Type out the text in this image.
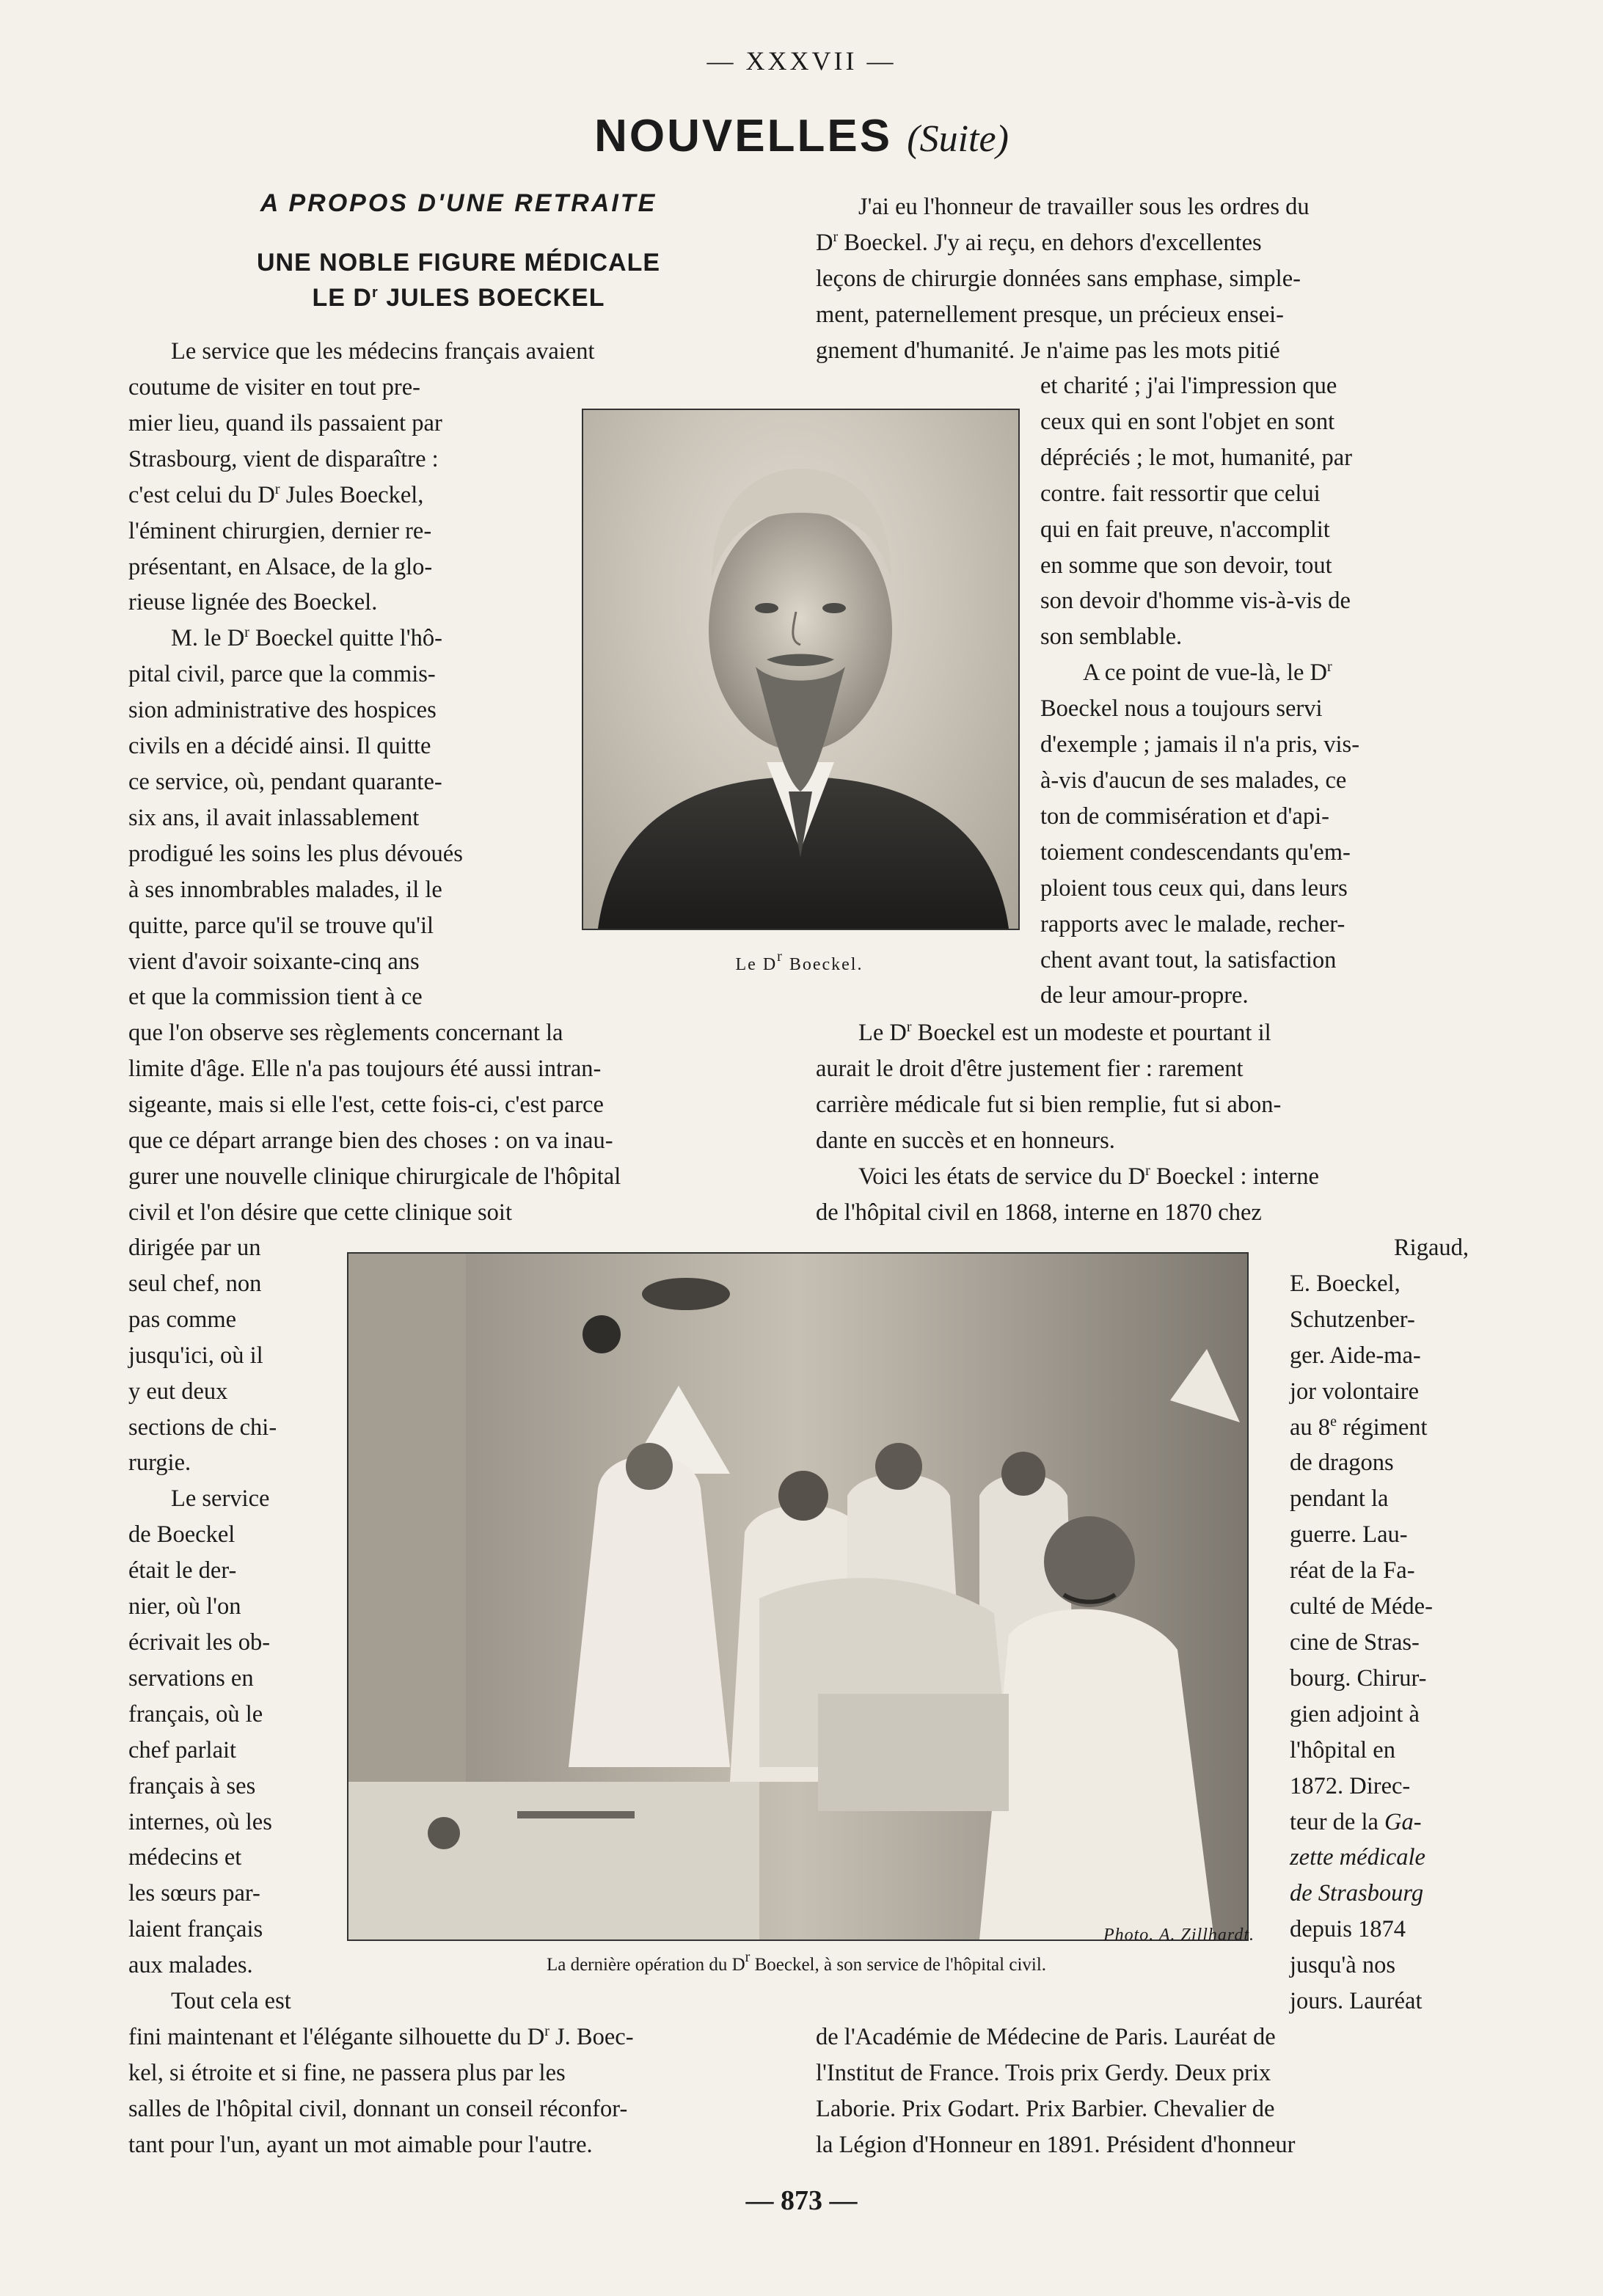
— XXXVII —
NOUVELLES (Suite)
A PROPOS D'UNE RETRAITE
UNE NOBLE FIGURE MÉDICALE
LE $D^r$ JULES BOECKEL

Le service que les médecins français avaient

coutume de visiter en tout pre-

mier lieu, quand ils passaient par

Strasbourg, vient de disparaître :

c'est celui du $D^r$ Jules Boeckel,

l'éminent chirurgien, dernier re-

présentant, en Alsace, de la glo-

rieuse lignée des Boeckel.

M. le $D^r$ Boeckel quitte l'hô-

pital civil, parce que la commis-

sion administrative des hospices

civils en a décidé ainsi. Il quitte

ce service, où, pendant quarante-

six ans, il avait inlassablement

prodigué les soins les plus dévoués

à ses innombrables malades, il le

quitte, parce qu'il se trouve qu'il

vient d'avoir soixante-cinq ans

et que la commission tient à ce

que l'on observe ses règlements concernant la

limite d'âge. Elle n'a pas toujours été aussi intran-

sigeante, mais si elle l'est, cette fois-ci, c'est parce

que ce départ arrange bien des choses : on va inau-

gurer une nouvelle clinique chirurgicale de l'hôpital

civil et l'on désire que cette clinique soit

dirigée par un

seul chef, non

pas comme

jusqu'ici, où il

y eut deux

sections de chi-

rurgie.

Le service

de Boeckel

était le der-

nier, où l'on

écrivait les ob-

servations en

français, où le

chef parlait

français à ses

internes, où les

médecins et

les sœurs par-

laient français

aux malades.

Tout cela est

fini maintenant et l'élégante silhouette du $D^r$ J. Boec-

kel, si étroite et si fine, ne passera plus par les

salles de l'hôpital civil, donnant un conseil réconfor-

tant pour l'un, ayant un mot aimable pour l'autre.

J'ai eu l'honneur de travailler sous les ordres du

$D^r$ Boeckel. J'y ai reçu, en dehors d'excellentes

leçons de chirurgie données sans emphase, simple-

ment, paternellement presque, un précieux ensei-

gnement d'humanité. Je n'aime pas les mots pitié

et charité ; j'ai l'impression que

ceux qui en sont l'objet en sont

dépréciés ; le mot, humanité, par

contre. fait ressortir que celui

qui en fait preuve, n'accomplit

en somme que son devoir, tout

son devoir d'homme vis-à-vis de

son semblable.

A ce point de vue-là, le $D^r$

Boeckel nous a toujours servi

d'exemple ; jamais il n'a pris, vis-

à-vis d'aucun de ses malades, ce

ton de commisération et d'api-

toiement condescendants qu'em-

ploient tous ceux qui, dans leurs

rapports avec le malade, recher-

chent avant tout, la satisfaction

de leur amour-propre.

Le $D^r$ Boeckel est un modeste et pourtant il

aurait le droit d'être justement fier : rarement

carrière médicale fut si bien remplie, fut si abon-

dante en succès et en honneurs.

Voici les états de service du $D^r$ Boeckel : interne

de l'hôpital civil en 1868, interne en 1870 chez

Rigaud,

E. Boeckel,

Schutzenber-

ger. Aide-ma-

jor volontaire

au 8e régiment

de dragons

pendant la

guerre. Lau-

réat de la Fa-

culté de Méde-

cine de Stras-

bourg. Chirur-

gien adjoint à

l'hôpital en

1872. Direc-

teur de la Ga-

zette médicale

de Strasbourg

depuis 1874

jusqu'à nos

jours. Lauréat

de l'Académie de Médecine de Paris. Lauréat de

l'Institut de France. Trois prix Gerdy. Deux prix

Laborie. Prix Godart. Prix Barbier. Chevalier de

la Légion d'Honneur en 1891. Président d'honneur

Le $D^r$ Boeckel.
Photo. A. Zillhardt.
La dernière opération du $D^r$ Boeckel, à son service de l'hôpital civil.
— 873 —
